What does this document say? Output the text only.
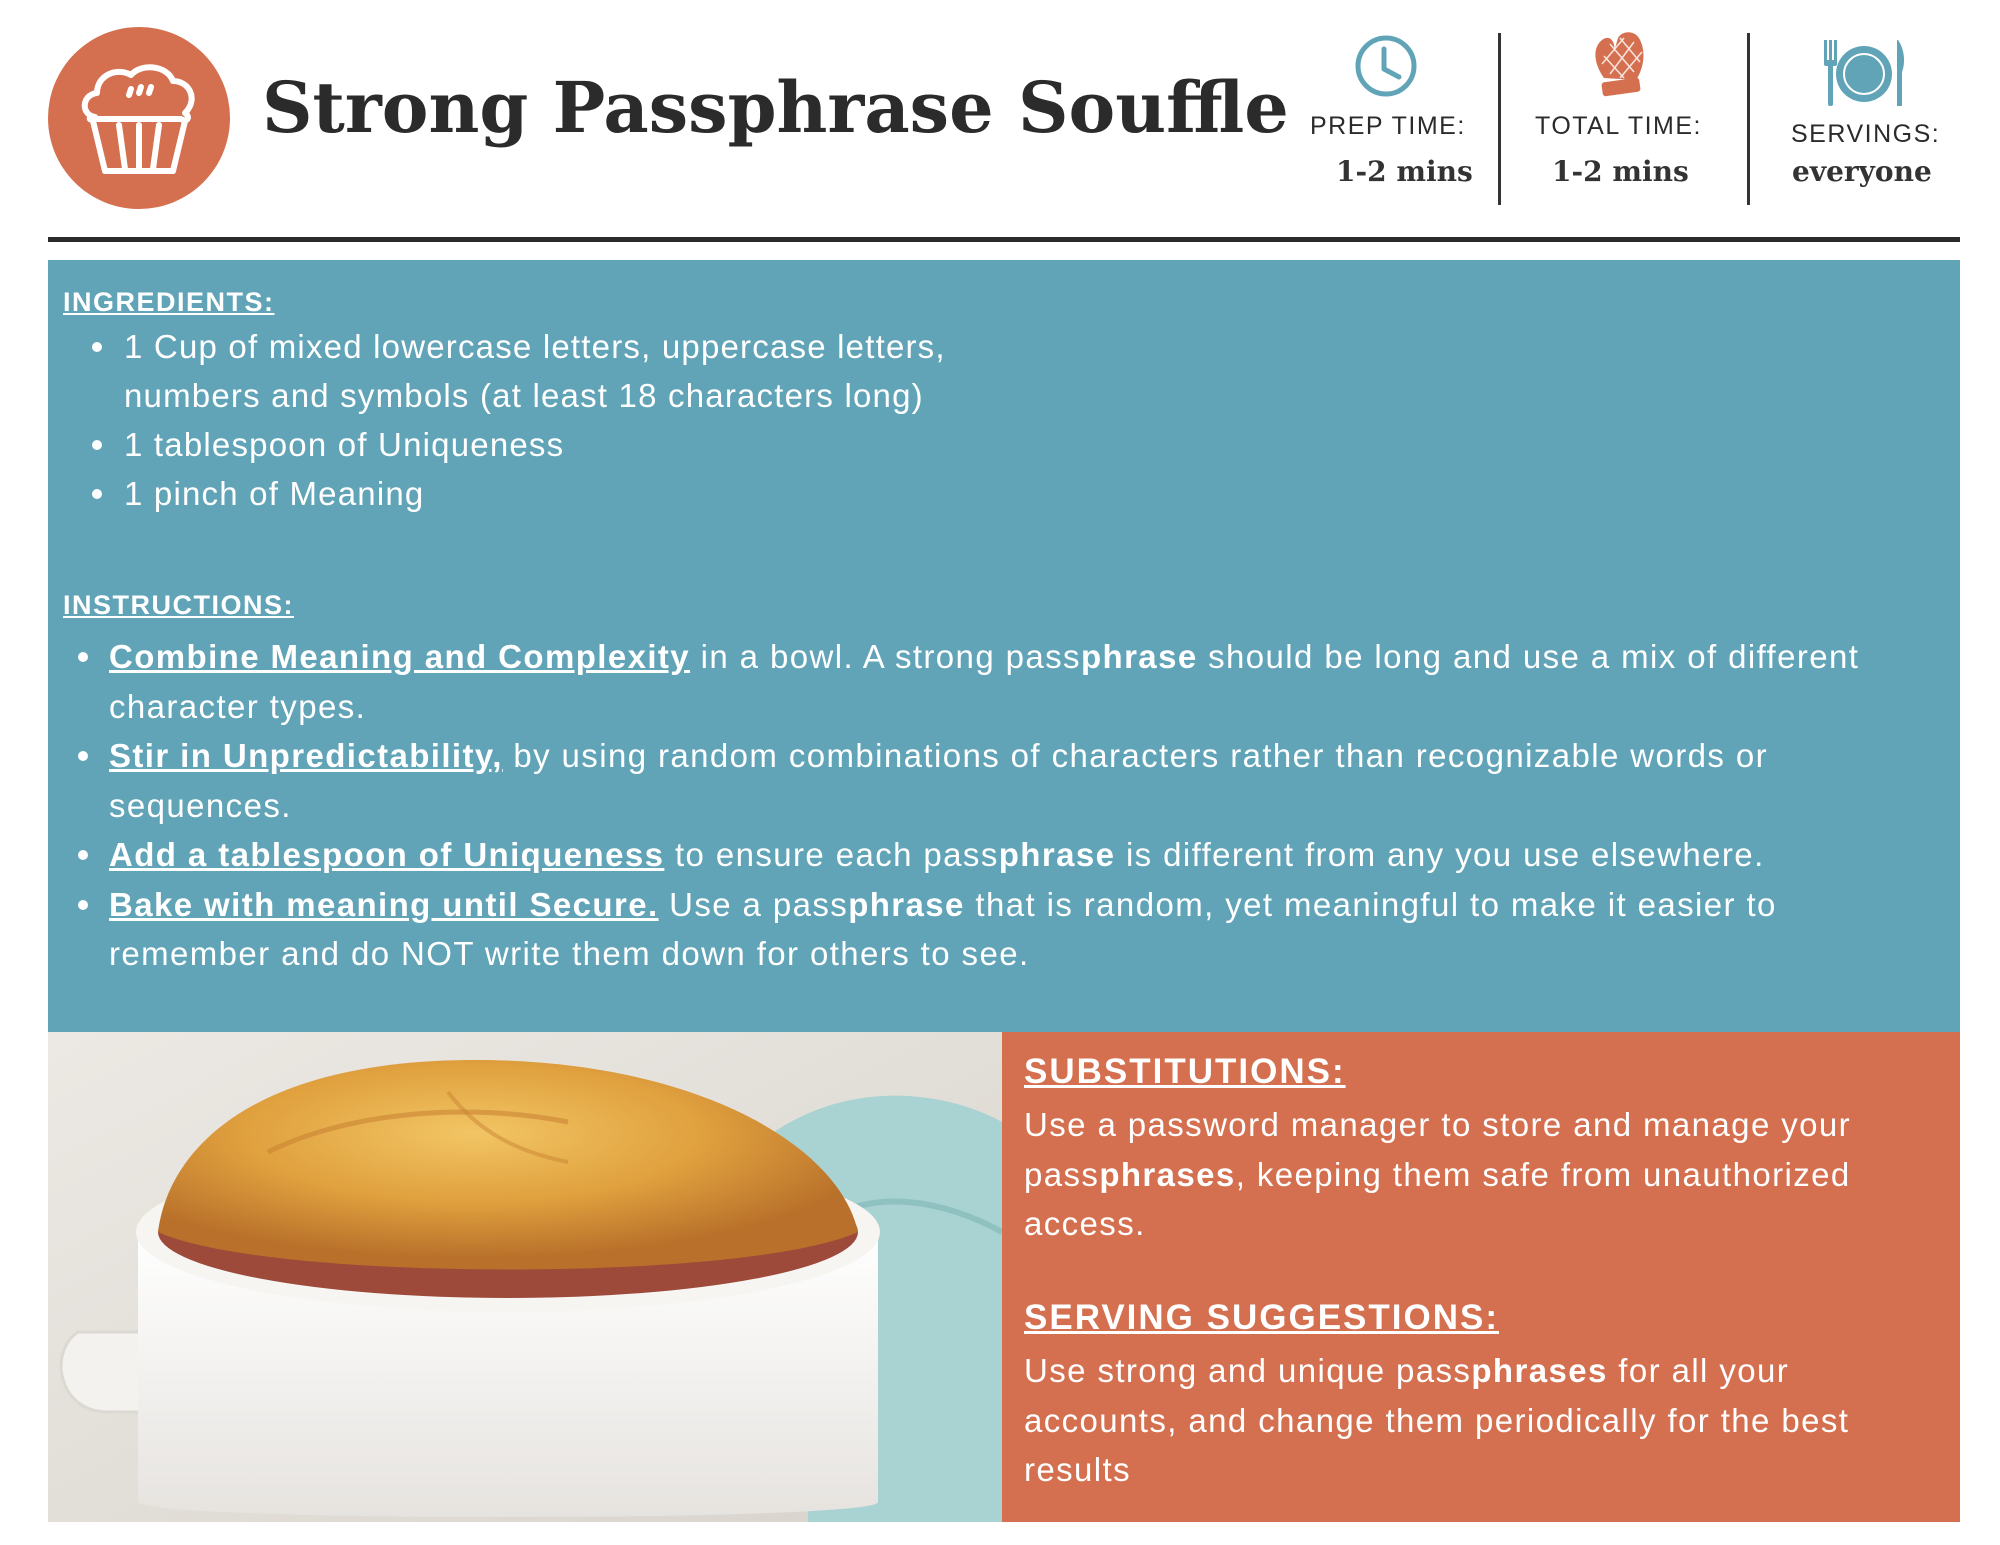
Strong Passphrase Souffle PREP TIME:
1-2 mins
TOTAL TIME:
1-2 mins
SERVINGS:
everyone
INGREDIENTS:
1 Cup of mixed lowercase letters, uppercase letters, numbers and symbols (at least 18 characters long)
1 tablespoon of Uniqueness
1 pinch of Meaning
INSTRUCTIONS:
Combine Meaning and Complexity in a bowl. A strong passphrase should be long and use a mix of different character types.
Stir in Unpredictability, by using random combinations of characters rather than recognizable words or sequences.
Add a tablespoon of Uniqueness to ensure each passphrase is different from any you use elsewhere.
Bake with meaning until Secure. Use a passphrase that is random, yet meaningful to make it easier to remember and do NOT write them down for others to see.
SUBSTITUTIONS:

Use a password manager to store and manage your passphrases, keeping them safe from unauthorized access.

SERVING SUGGESTIONS:

Use strong and unique passphrases for all your accounts, and change them periodically for the best results
